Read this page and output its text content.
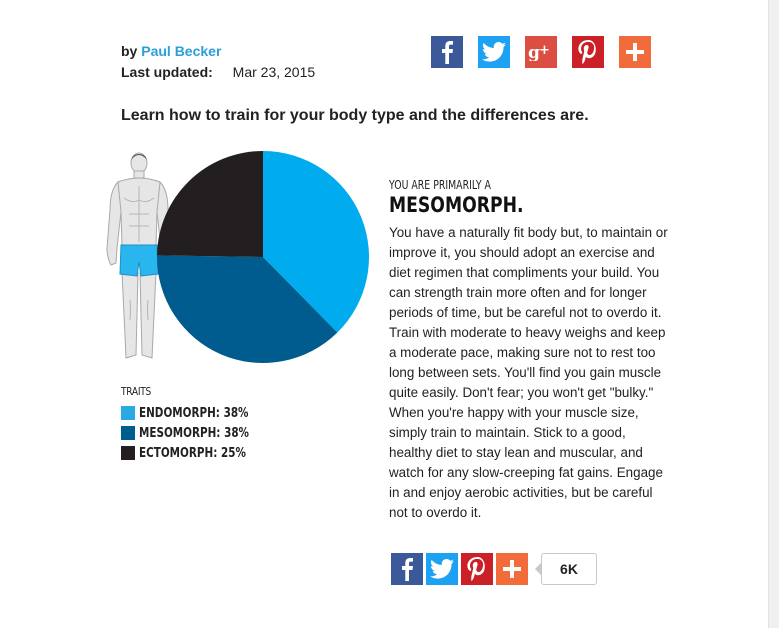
by Paul Becker
Last updated: Mar 23, 2015
g +
Learn how to train for your body type and the differences are.
TRAITS
ENDOMORPH: 38%
MESOMORPH: 38%
ECTOMORPH: 25%
YOU ARE PRIMARILY A
MESOMORPH.
You have a naturally fit body but, to maintain or improve it, you should adopt an exercise and diet regimen that compliments your build. You can strength train more often and for longer periods of time, but be careful not to overdo it. Train with moderate to heavy weighs and keep a moderate pace, making sure not to rest too long between sets. You'll find you gain muscle quite easily. Don't fear; you won't get "bulky." When you're happy with your muscle size, simply train to maintain. Stick to a good, healthy diet to stay lean and muscular, and watch for any slow-creeping fat gains. Engage in and enjoy aerobic activities, but be careful not to overdo it.
6K
